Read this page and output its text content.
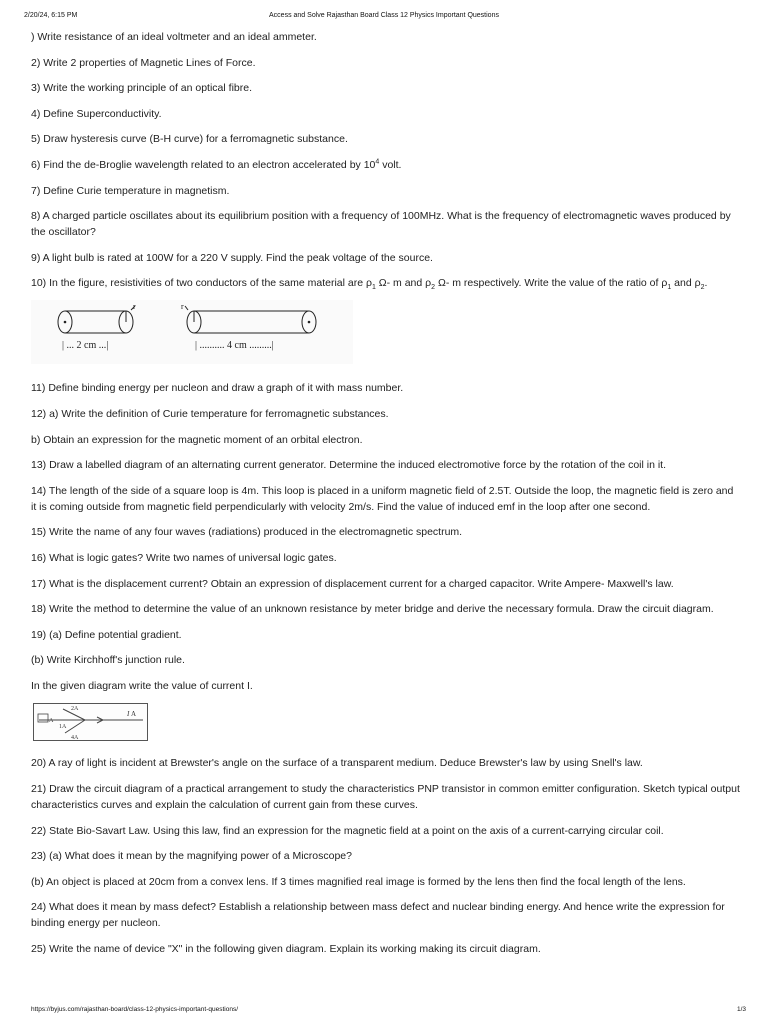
2/20/24, 6:15 PM	Access and Solve Rajasthan Board Class 12 Physics Important Questions
) Write resistance of an ideal voltmeter and an ideal ammeter.
2) Write 2 properties of Magnetic Lines of Force.
3) Write the working principle of an optical fibre.
4) Define Superconductivity.
5) Draw hysteresis curve (B-H curve) for a ferromagnetic substance.
6) Find the de-Broglie wavelength related to an electron accelerated by $10^4$ volt.
7) Define Curie temperature in magnetism.
8) A charged particle oscillates about its equilibrium position with a frequency of 100MHz. What is the frequency of electromagnetic waves produced by the oscillator?
9) A light bulb is rated at 100W for a 220 V supply. Find the peak voltage of the source.
10) In the figure, resistivities of two conductors of the same material are $\rho_1$ Ω- m and $\rho_2$ Ω- m respectively. Write the value of the ratio of $\rho_1$ and $\rho_2$.
r	r
| ... 2 cm ...|	| .......... 4 cm .........|
11) Define binding energy per nucleon and draw a graph of it with mass number.
12) a) Write the definition of Curie temperature for ferromagnetic substances.
b) Obtain an expression for the magnetic moment of an orbital electron.
13) Draw a labelled diagram of an alternating current generator. Determine the induced electromotive force by the rotation of the coil in it.
14) The length of the side of a square loop is 4m. This loop is placed in a uniform magnetic field of 2.5T. Outside the loop, the magnetic field is zero and it is coming outside from magnetic field perpendicularly with velocity 2m/s. Find the value of induced emf in the loop after one second.
15) Write the name of any four waves (radiations) produced in the electromagnetic spectrum.
16) What is logic gates? Write two names of universal logic gates.
17) What is the displacement current? Obtain an expression of displacement current for a charged capacitor. Write Ampere- Maxwell's law.
18) Write the method to determine the value of an unknown resistance by meter bridge and derive the necessary formula. Draw the circuit diagram.
19) (a) Define potential gradient.
(b) Write Kirchhoff's junction rule.
In the given diagram write the value of current I.
A
2A
1A
I A
4A
20) A ray of light is incident at Brewster's angle on the surface of a transparent medium. Deduce Brewster's law by using Snell's law.
21) Draw the circuit diagram of a practical arrangement to study the characteristics PNP transistor in common emitter configuration. Sketch typical output characteristics curves and explain the calculation of current gain from these curves.
22) State Bio-Savart Law. Using this law, find an expression for the magnetic field at a point on the axis of a current-carrying circular coil.
23) (a) What does it mean by the magnifying power of a Microscope?
(b) An object is placed at 20cm from a convex lens. If 3 times magnified real image is formed by the lens then find the focal length of the lens.
24) What does it mean by mass defect? Establish a relationship between mass defect and nuclear binding energy. And hence write the expression for binding energy per nucleon.
25) Write the name of device "X" in the following given diagram. Explain its working making its circuit diagram.
https://byjus.com/rajasthan-board/class-12-physics-important-questions/	1/3
